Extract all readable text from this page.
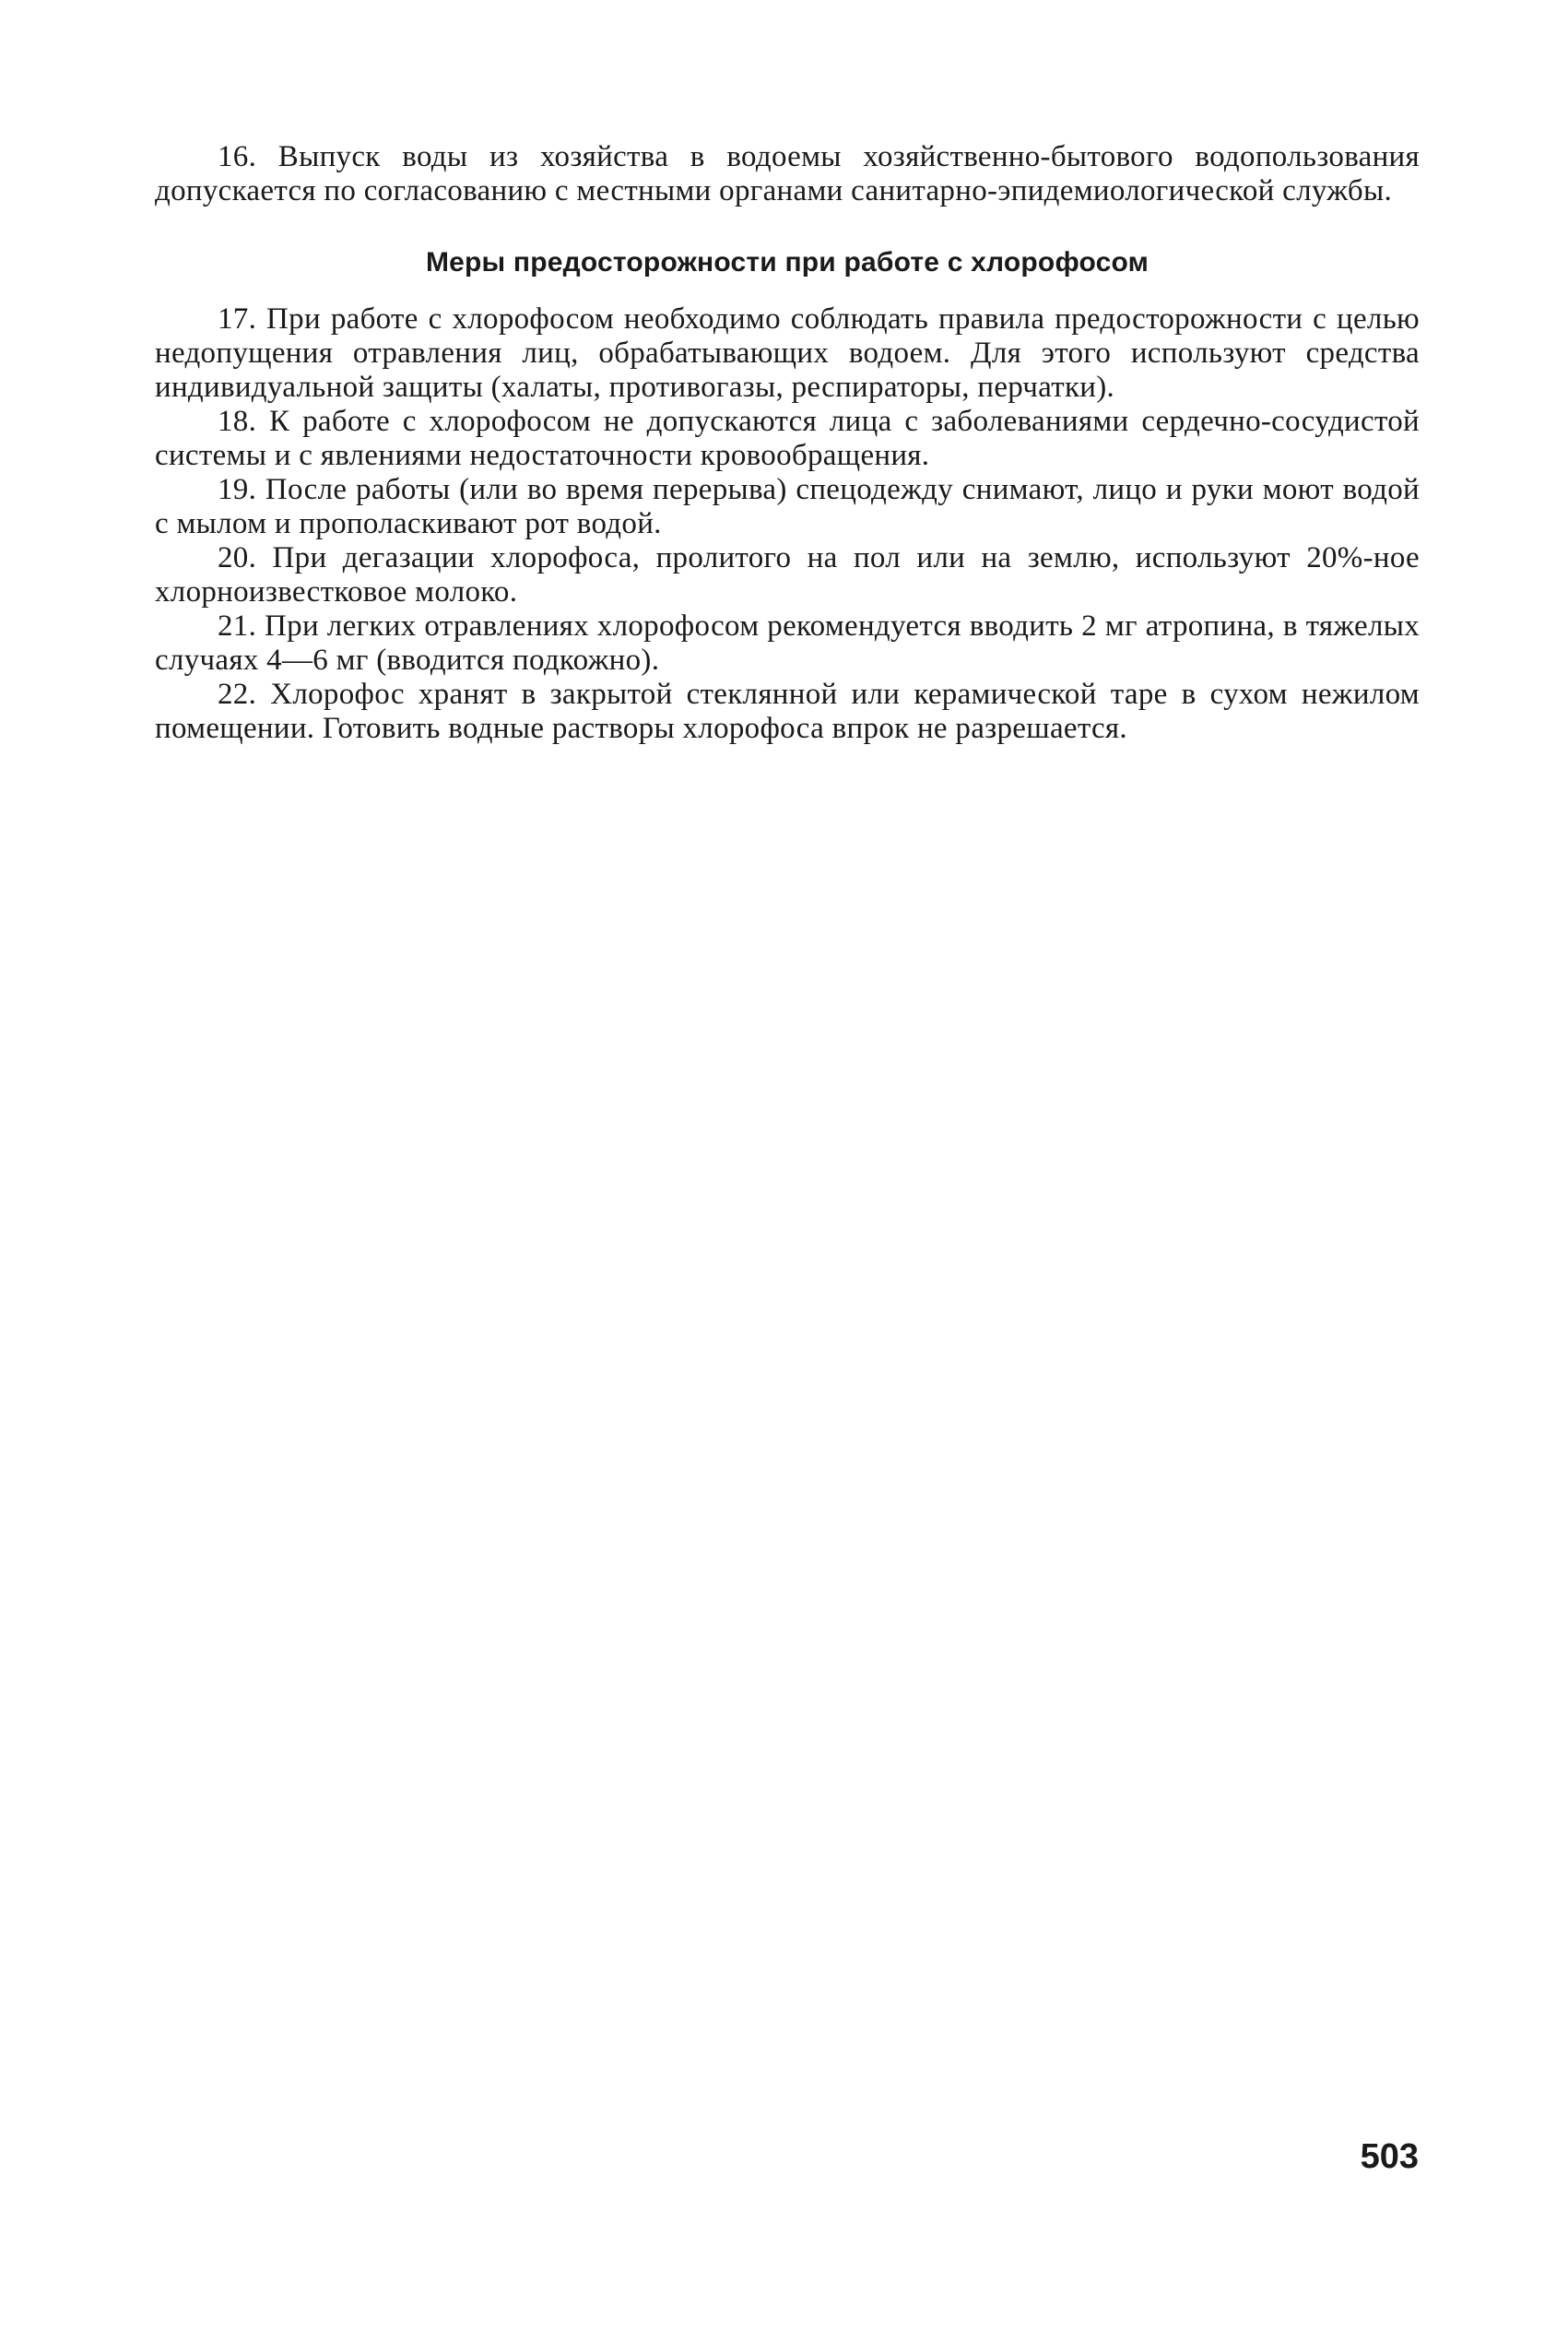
16. Выпуск воды из хозяйства в водоемы хозяйственно-бытового водопользования допускается по согласованию с местными органами санитарно-эпидемиологической службы.

Меры предосторожности при работе с хлорофосом

17. При работе с хлорофосом необходимо соблюдать правила предосторожности с целью недопущения отравления лиц, обрабатывающих водоем. Для этого используют средства индивидуальной защиты (халаты, противогазы, респираторы, перчатки).

18. К работе с хлорофосом не допускаются лица с заболеваниями сердечно-сосудистой системы и с явлениями недостаточности кровообращения.

19. После работы (или во время перерыва) спецодежду снимают, лицо и руки моют водой с мылом и прополаскивают рот водой.

20. При дегазации хлорофоса, пролитого на пол или на землю, используют 20%-ное хлорноизвестковое молоко.

21. При легких отравлениях хлорофосом рекомендуется вводить 2 мг атропина, в тяжелых случаях 4—6 мг (вводится подкожно).

22. Хлорофос хранят в закрытой стеклянной или керамической таре в сухом нежилом помещении. Готовить водные растворы хлорофоса впрок не разрешается.

503
